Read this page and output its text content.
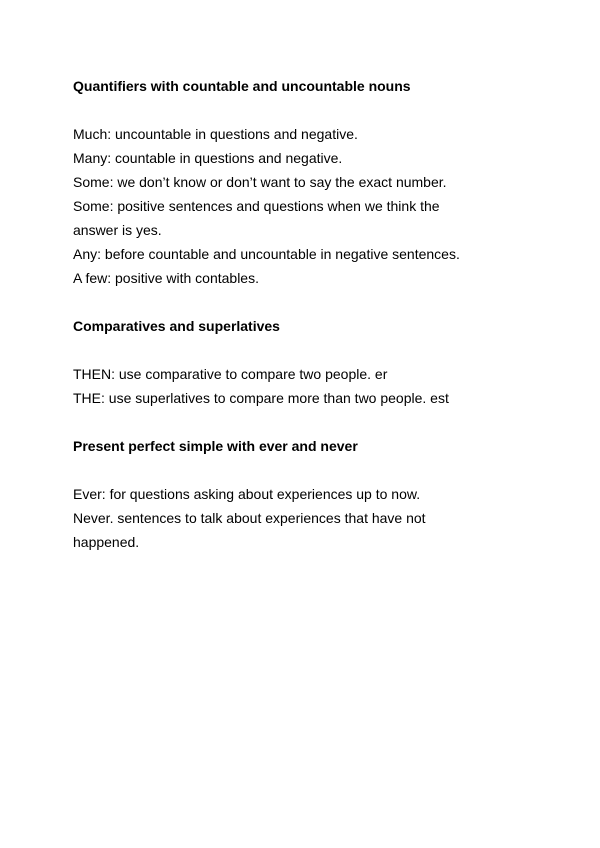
Quantifiers with countable and uncountable nouns

Much: uncountable in questions and negative.

Many: countable in questions and negative.

Some: we don’t know or don’t want to say the exact number.

Some: positive sentences and questions when we think the

answer is yes.

Any: before countable and uncountable in negative sentences.

A few: positive with contables.

Comparatives and superlatives

THEN: use comparative to compare two people. er

THE: use superlatives to compare more than two people. est

Present perfect simple with ever and never

Ever: for questions asking about experiences up to now.

Never. sentences to talk about experiences that have not

happened.
